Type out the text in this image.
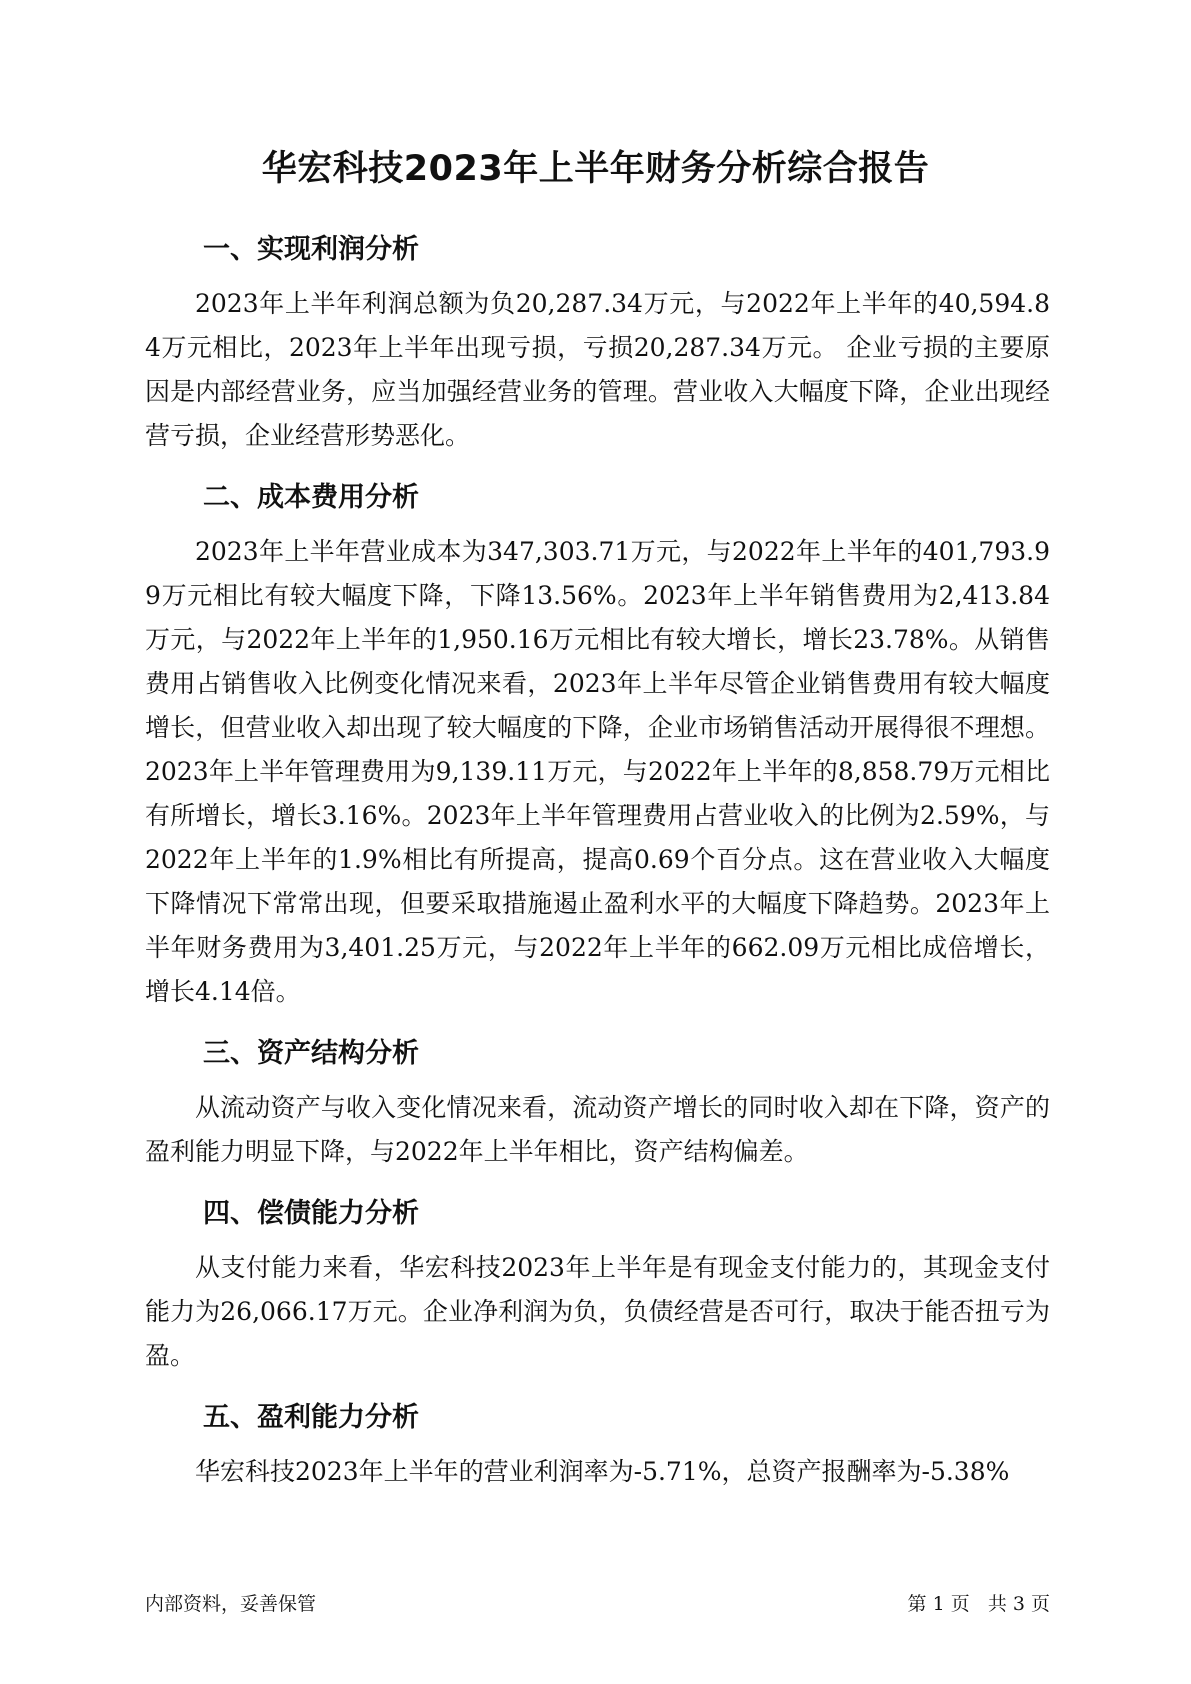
华宏科技2023年上半年财务分析综合报告
一、实现利润分析

2023年上半年利润总额为负20,287.34万元，与2022年上半年的40,594.84万元相比，2023年上半年出现亏损，亏损20,287.34万元。 企业亏损的主要原因是内部经营业务，应当加强经营业务的管理。营业收入大幅度下降，企业出现经营亏损，企业经营形势恶化。

二、成本费用分析

2023年上半年营业成本为347,303.71万元，与2022年上半年的401,793.99万元相比有较大幅度下降，下降13.56%。2023年上半年销售费用为2,413.84万元，与2022年上半年的1,950.16万元相比有较大增长，增长23.78%。从销售费用占销售收入比例变化情况来看，2023年上半年尽管企业销售费用有较大幅度增长，但营业收入却出现了较大幅度的下降，企业市场销售活动开展得很不理想。2023年上半年管理费用为9,139.11万元，与2022年上半年的8,858.79万元相比有所增长，增长3.16%。2023年上半年管理费用占营业收入的比例为2.59%，与2022年上半年的1.9%相比有所提高，提高0.69个百分点。这在营业收入大幅度下降情况下常常出现，但要采取措施遏止盈利水平的大幅度下降趋势。2023年上半年财务费用为3,401.25万元，与2022年上半年的662.09万元相比成倍增长，增长4.14倍。

三、资产结构分析

从流动资产与收入变化情况来看，流动资产增长的同时收入却在下降，资产的盈利能力明显下降，与2022年上半年相比，资产结构偏差。

四、偿债能力分析

从支付能力来看，华宏科技2023年上半年是有现金支付能力的，其现金支付能力为26,066.17万元。企业净利润为负，负债经营是否可行，取决于能否扭亏为盈。

五、盈利能力分析

华宏科技2023年上半年的营业利润率为-5.71%，总资产报酬率为-5.38%

内部资料，妥善保管	第 1 页   共 3 页
